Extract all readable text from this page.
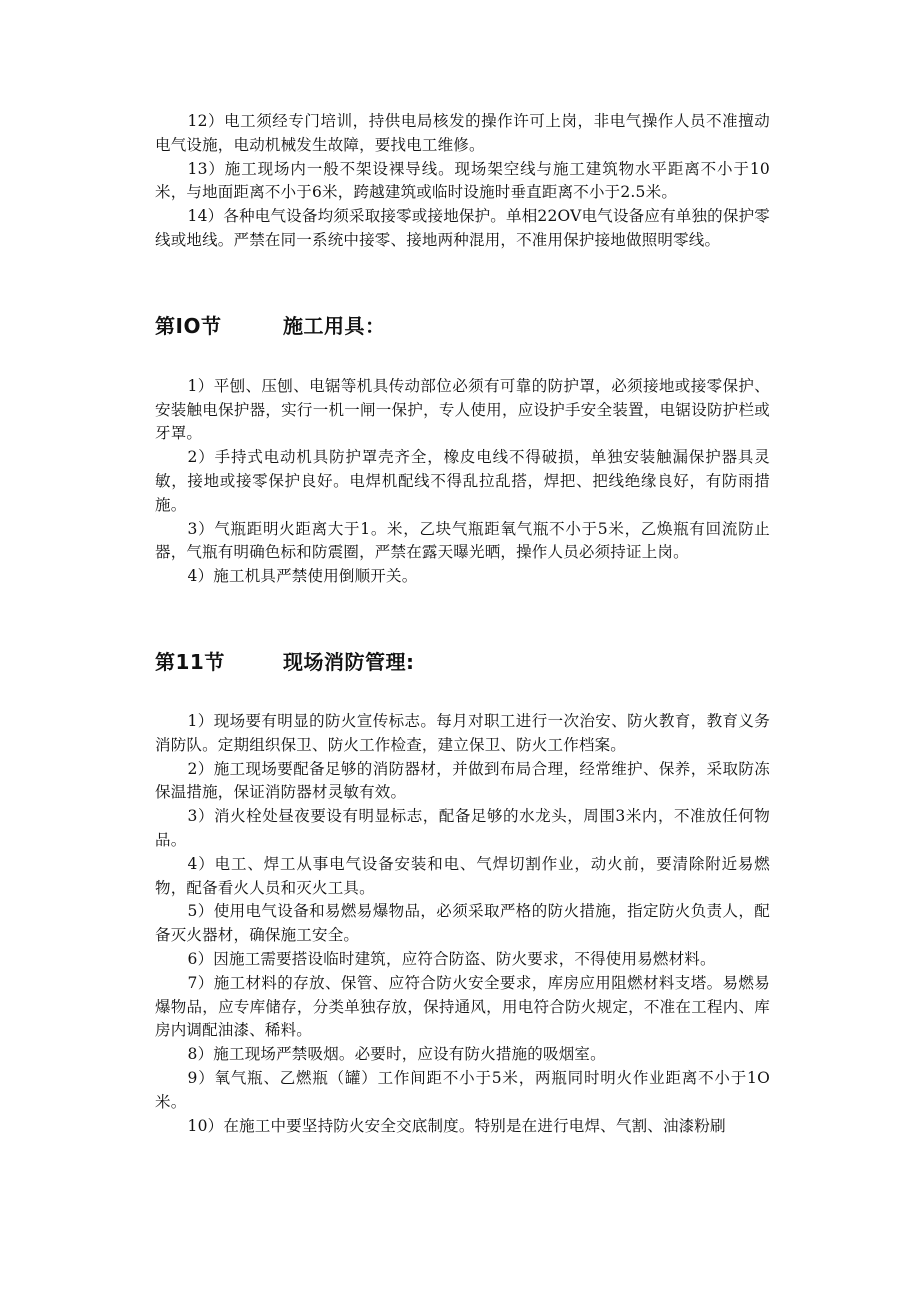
12）电工须经专门培训，持供电局核发的操作许可上岗，非电气操作人员不准擅动电气设施，电动机械发生故障，要找电工维修。

13）施工现场内一般不架设裸导线。现场架空线与施工建筑物水平距离不小于10米，与地面距离不小于6米，跨越建筑或临时设施时垂直距离不小于2.5米。

14）各种电气设备均须采取接零或接地保护。单相22OV电气设备应有单独的保护零线或地线。严禁在同一系统中接零、接地两种混用，不准用保护接地做照明零线。

第IO节	施工用具：

1）平刨、压刨、电锯等机具传动部位必须有可靠的防护罩，必须接地或接零保护、安装触电保护器，实行一机一闸一保护，专人使用，应设护手安全装置，电锯设防护栏或牙罩。

2）手持式电动机具防护罩壳齐全，橡皮电线不得破损，单独安装触漏保护器具灵敏，接地或接零保护良好。电焊机配线不得乱拉乱搭，焊把、把线绝缘良好，有防雨措施。

3）气瓶距明火距离大于1。米，乙块气瓶距氧气瓶不小于5米，乙焕瓶有回流防止器，气瓶有明确色标和防震圈，严禁在露天曝光晒，操作人员必须持证上岗。

4）施工机具严禁使用倒顺开关。

第11节	现场消防管理:

1）现场要有明显的防火宣传标志。每月对职工进行一次治安、防火教育，教育义务消防队。定期组织保卫、防火工作检查，建立保卫、防火工作档案。

2）施工现场要配备足够的消防器材，并做到布局合理，经常维护、保养，采取防冻保温措施，保证消防器材灵敏有效。

3）消火栓处昼夜要设有明显标志，配备足够的水龙头，周围3米内，不准放任何物品。

4）电工、焊工从事电气设备安装和电、气焊切割作业，动火前，要清除附近易燃物，配备看火人员和灭火工具。

5）使用电气设备和易燃易爆物品，必须采取严格的防火措施，指定防火负责人，配备灭火器材，确保施工安全。

6）因施工需要搭设临时建筑，应符合防盗、防火要求，不得使用易燃材料。

7）施工材料的存放、保管、应符合防火安全要求，库房应用阻燃材料支塔。易燃易爆物品，应专库储存，分类单独存放，保持通风，用电符合防火规定，不准在工程内、库房内调配油漆、稀料。

8）施工现场严禁吸烟。必要时，应设有防火措施的吸烟室。

9）氧气瓶、乙燃瓶（罐）工作间距不小于5米，两瓶同时明火作业距离不小于1O米。

10）在施工中要坚持防火安全交底制度。特别是在进行电焊、气割、油漆粉刷
